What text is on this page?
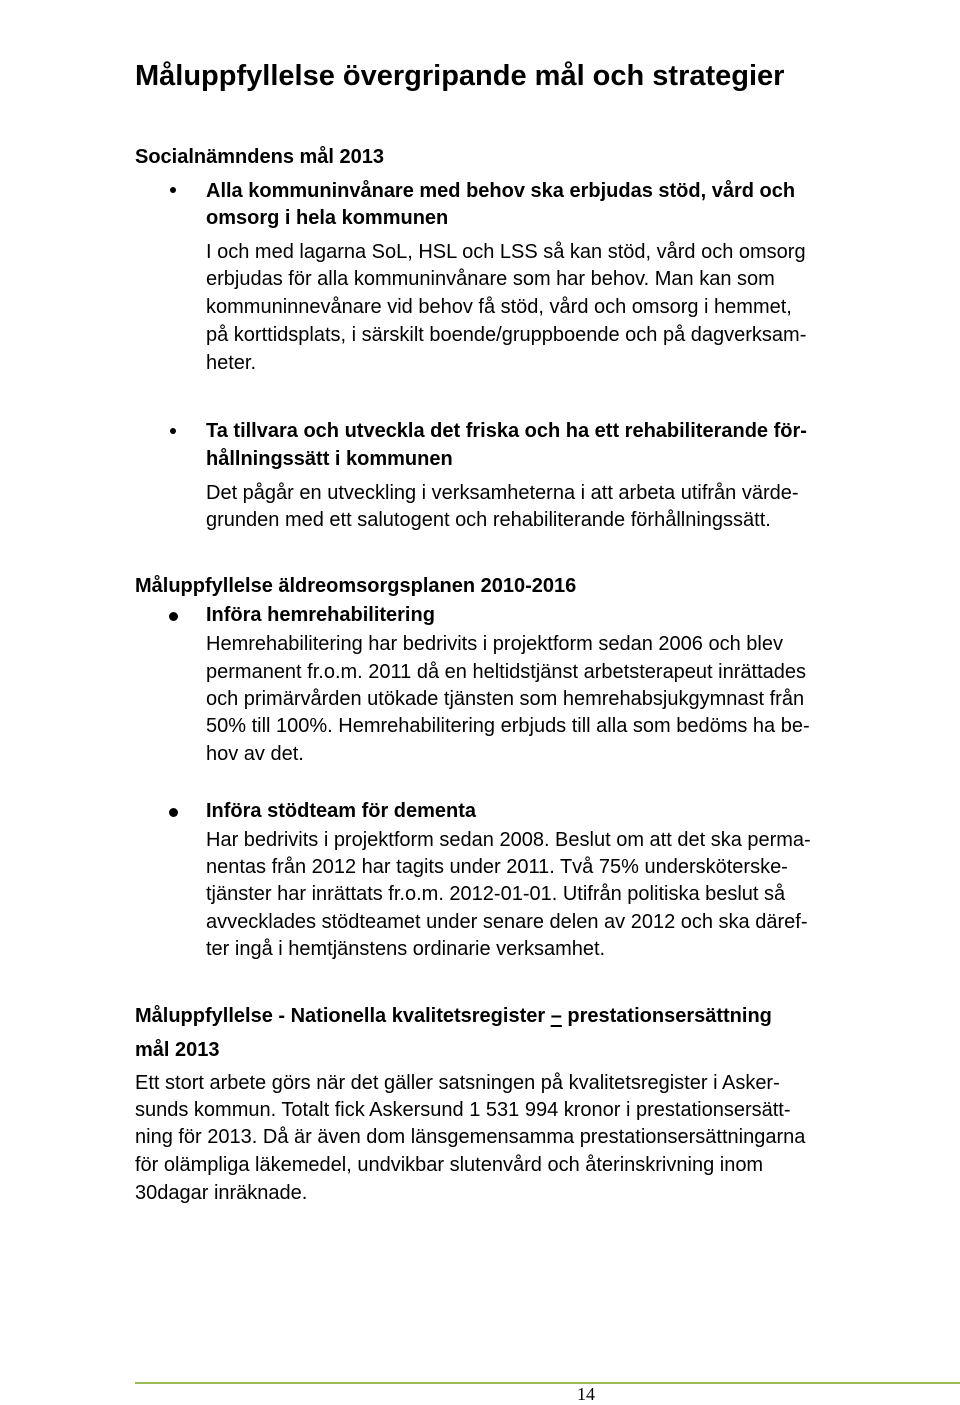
Måluppfyllelse övergripande mål och strategier

Socialnämndens mål 2013

Alla kommuninvånare med behov ska erbjudas stöd, vård och

omsorg i hela kommunen

I och med lagarna SoL, HSL och LSS så kan stöd, vård och omsorg

erbjudas för alla kommuninvånare som har behov. Man kan som

kommuninnevånare vid behov få stöd, vård och omsorg i hemmet,

på korttidsplats, i särskilt boende/gruppboende och på dagverksam-

heter.

Ta tillvara och utveckla det friska och ha ett rehabiliterande för-

hållningssätt i kommunen

Det pågår en utveckling i verksamheterna i att arbeta utifrån värde-

grunden med ett salutogent och rehabiliterande förhållningssätt.

Måluppfyllelse äldreomsorgsplanen 2010-2016

Införa hemrehabilitering

Hemrehabilitering har bedrivits i projektform sedan 2006 och blev

permanent fr.o.m. 2011 då en heltidstjänst arbetsterapeut inrättades

och primärvården utökade tjänsten som hemrehabsjukgymnast från

50% till 100%. Hemrehabilitering erbjuds till alla som bedöms ha be-

hov av det.

Införa stödteam för dementa

Har bedrivits i projektform sedan 2008. Beslut om att det ska perma-

nentas från 2012 har tagits under 2011. Två 75% undersköterske-

tjänster har inrättats fr.o.m. 2012-01-01. Utifrån politiska beslut så

avvecklades stödteamet under senare delen av 2012 och ska däref-

ter ingå i hemtjänstens ordinarie verksamhet.

Måluppfyllelse - Nationella kvalitetsregister – prestationsersättning

mål 2013

Ett stort arbete görs när det gäller satsningen på kvalitetsregister i Asker-

sunds kommun. Totalt fick Askersund 1 531 994 kronor i prestationsersätt-

ning för 2013. Då är även dom länsgemensamma prestationsersättningarna

för olämpliga läkemedel, undvikbar slutenvård och återinskrivning inom

30dagar inräknade.

14
